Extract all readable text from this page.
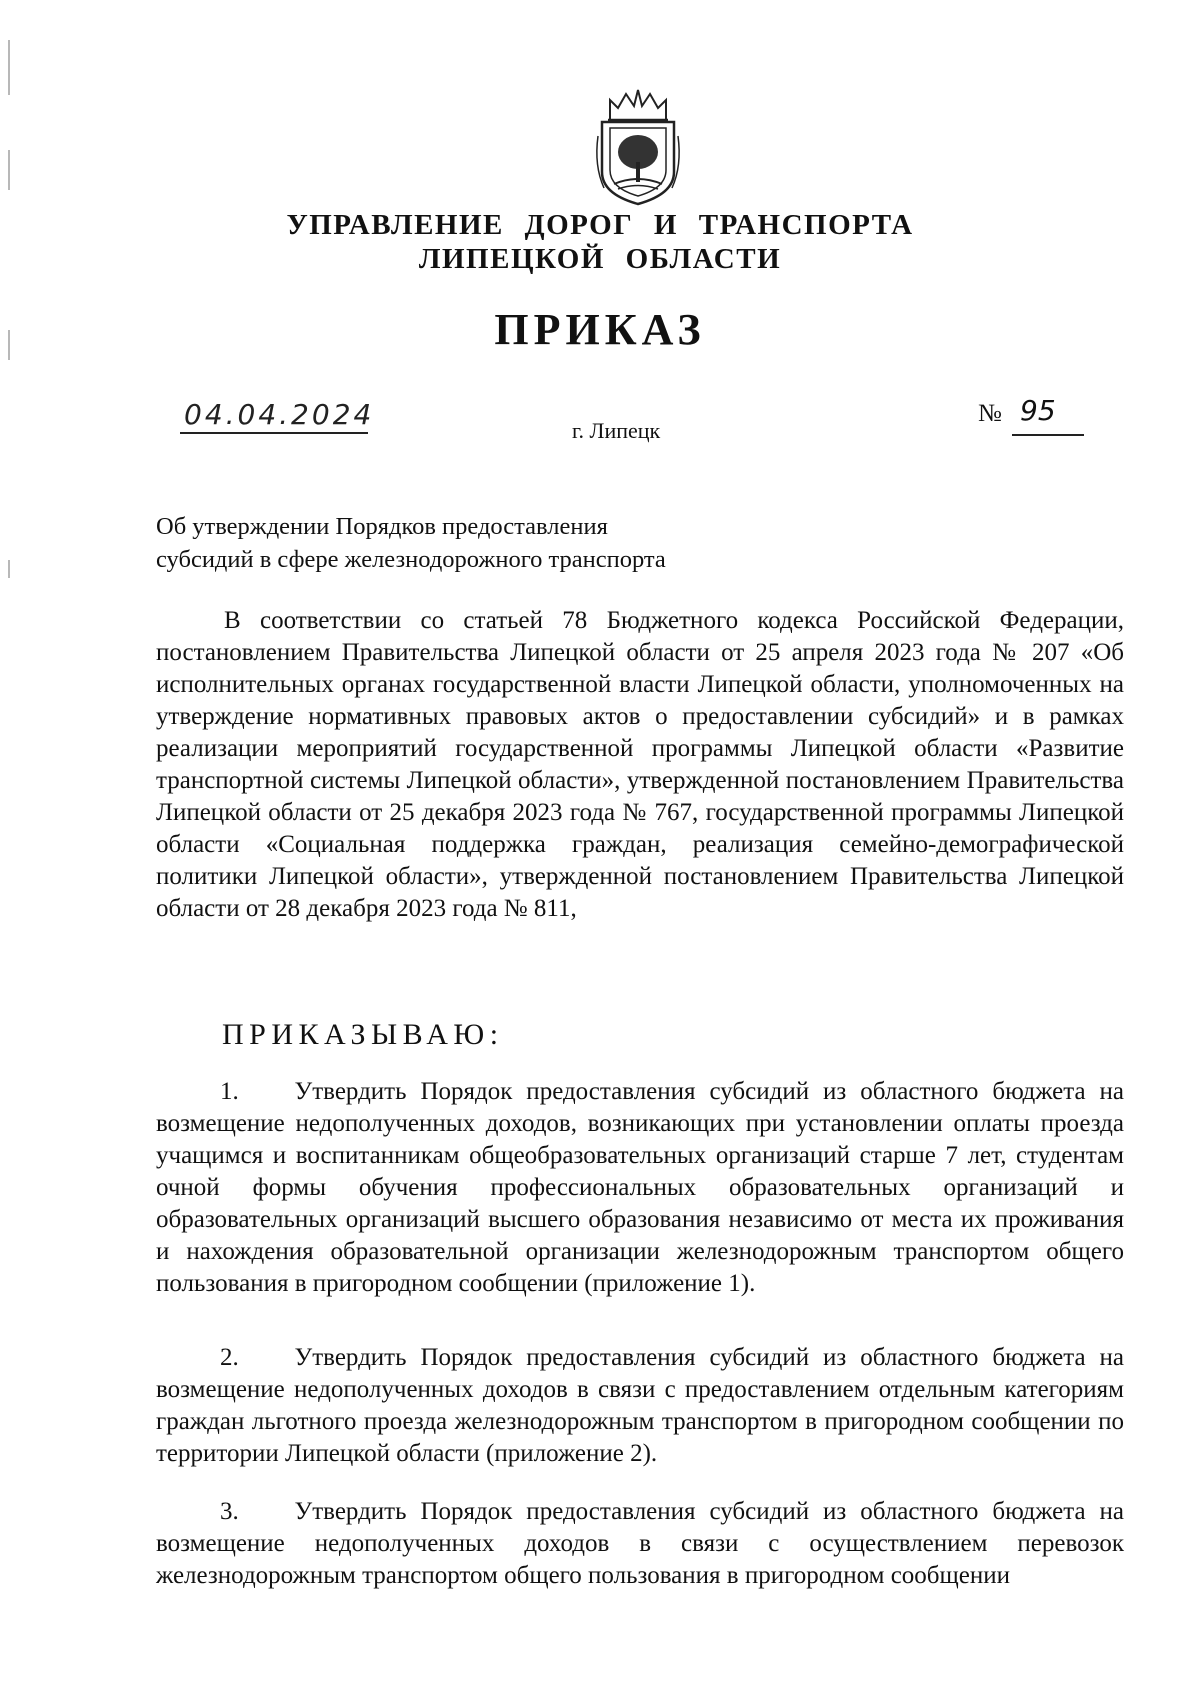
УПРАВЛЕНИЕ ДОРОГ И ТРАНСПОРТА
ЛИПЕЦКОЙ ОБЛАСТИ
ПРИКАЗ
04.04.2024	г. Липецк
№ 95
Об утверждении Порядков предоставления
субсидий в сфере железнодорожного транспорта
В соответствии со статьей 78 Бюджетного кодекса Российской Федерации, постановлением Правительства Липецкой области от 25 апреля 2023 года № 207 «Об исполнительных органах государственной власти Липецкой области, уполномоченных на утверждение нормативных правовых актов о предоставлении субсидий» и в рамках реализации мероприятий государственной программы Липецкой области «Развитие транспортной системы Липецкой области», утвержденной постановлением Правительства Липецкой области от 25 декабря 2023 года № 767, государственной программы Липецкой области «Социальная поддержка граждан, реализация семейно-демографической политики Липецкой области», утвержденной постановлением Правительства Липецкой области от 28 декабря 2023 года № 811,
ПРИКАЗЫВАЮ:
1. Утвердить Порядок предоставления субсидий из областного бюджета на возмещение недополученных доходов, возникающих при установлении оплаты проезда учащимся и воспитанникам общеобразовательных организаций старше 7 лет, студентам очной формы обучения профессиональных образовательных организаций и образовательных организаций высшего образования независимо от места их проживания и нахождения образовательной организации железнодорожным транспортом общего пользования в пригородном сообщении (приложение 1).
2. Утвердить Порядок предоставления субсидий из областного бюджета на возмещение недополученных доходов в связи с предоставлением отдельным категориям граждан льготного проезда железнодорожным транспортом в пригородном сообщении по территории Липецкой области (приложение 2).
3. Утвердить Порядок предоставления субсидий из областного бюджета на возмещение недополученных доходов в связи с осуществлением перевозок железнодорожным транспортом общего пользования в пригородном сообщении
